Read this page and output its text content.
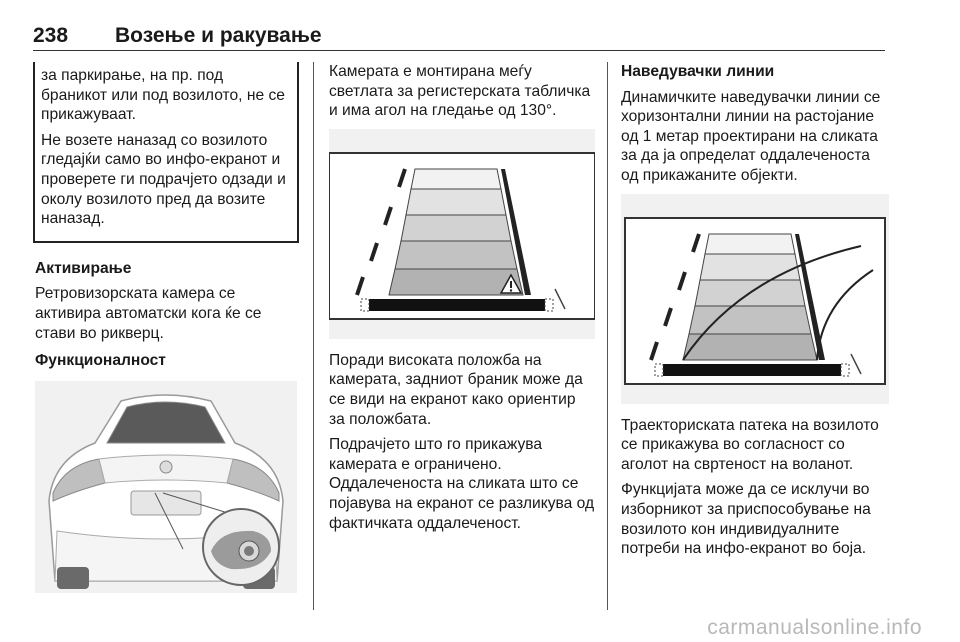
238 Возење и ракување

за паркирање, на пр. под браникот или под возилото, не се прикажуваат.

Не возете наназад со возилото гледајќи само во инфо-екранот и проверете ги подрачјето одзади и околу возилото пред да возите наназад.

Активирање

Ретровизорската камера се активира автоматски кога ќе се стави во рикверц.

Функционалност

Камерата е монтирана меѓу светлата за регистерската табличка и има агол на гледање од 130°.

Поради високата положба на камерата, задниот браник може да се види на екранот како ориентир за положбата.

Подрачјето што го прикажува камерата е ограничено. Оддалеченоста на сликата што се појавува на екранот се разликува од фактичката оддалеченост.

Наведувачки линии

Динамичките наведувачки линии се хоризонтални линии на растојание од 1 метар проектирани на сликата за да ја определат оддалеченоста од прикажаните објекти.

Траекториската патека на возилото се прикажува во согласност со аголот на свртеност на воланот.

Функцијата може да се исклучи во изборникот за приспособување на возилото кон индивидуалните потреби на инфо-екранот во боја.

carmanualsonline.info
